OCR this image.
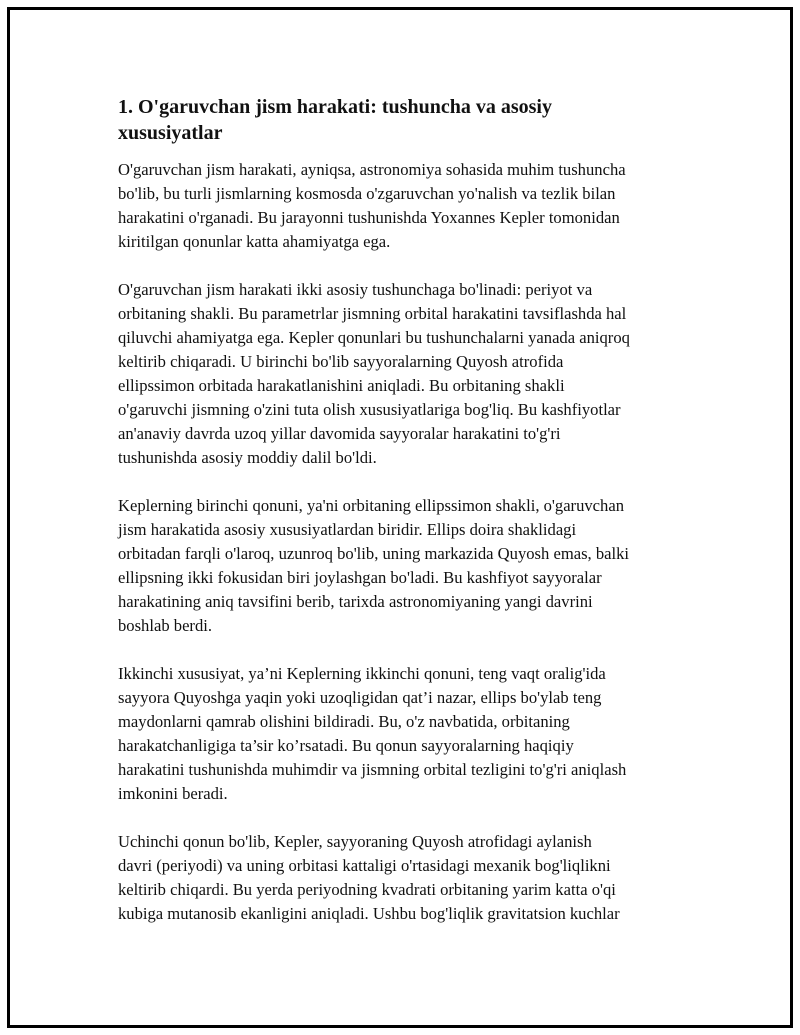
1. O'garuvchan jism harakati: tushuncha va asosiy
xususiyatlar

O'garuvchan jism harakati, ayniqsa, astronomiya sohasida muhim tushuncha
bo'lib, bu turli jismlarning kosmosda o'zgaruvchan yo'nalish va tezlik bilan
harakatini o'rganadi. Bu jarayonni tushunishda Yoxannes Kepler tomonidan
kiritilgan qonunlar katta ahamiyatga ega.

O'garuvchan jism harakati ikki asosiy tushunchaga bo'linadi: periyot va
orbitaning shakli. Bu parametrlar jismning orbital harakatini tavsiflashda hal
qiluvchi ahamiyatga ega. Kepler qonunlari bu tushunchalarni yanada aniqroq
keltirib chiqaradi. U birinchi bo'lib sayyoralarning Quyosh atrofida
ellipssimon orbitada harakatlanishini aniqladi. Bu orbitaning shakli
o'garuvchi jismning o'zini tuta olish xususiyatlariga bog'liq. Bu kashfiyotlar
an'anaviy davrda uzoq yillar davomida sayyoralar harakatini to'g'ri
tushunishda asosiy moddiy dalil bo'ldi.

Keplerning birinchi qonuni, ya'ni orbitaning ellipssimon shakli, o'garuvchan
jism harakatida asosiy xususiyatlardan biridir. Ellips doira shaklidagi
orbitadan farqli o'laroq, uzunroq bo'lib, uning markazida Quyosh emas, balki
ellipsning ikki fokusidan biri joylashgan bo'ladi. Bu kashfiyot sayyoralar
harakatining aniq tavsifini berib, tarixda astronomiyaning yangi davrini
boshlab berdi.

Ikkinchi xususiyat, ya’ni Keplerning ikkinchi qonuni, teng vaqt oralig'ida
sayyora Quyoshga yaqin yoki uzoqligidan qat’i nazar, ellips bo'ylab teng
maydonlarni qamrab olishini bildiradi. Bu, o'z navbatida, orbitaning
harakatchanligiga ta’sir ko’rsatadi. Bu qonun sayyoralarning haqiqiy
harakatini tushunishda muhimdir va jismning orbital tezligini to'g'ri aniqlash
imkonini beradi.

Uchinchi qonun bo'lib, Kepler, sayyoraning Quyosh atrofidagi aylanish
davri (periyodi) va uning orbitasi kattaligi o'rtasidagi mexanik bog'liqlikni
keltirib chiqardi. Bu yerda periyodning kvadrati orbitaning yarim katta o'qi
kubiga mutanosib ekanligini aniqladi. Ushbu bog'liqlik gravitatsion kuchlar
